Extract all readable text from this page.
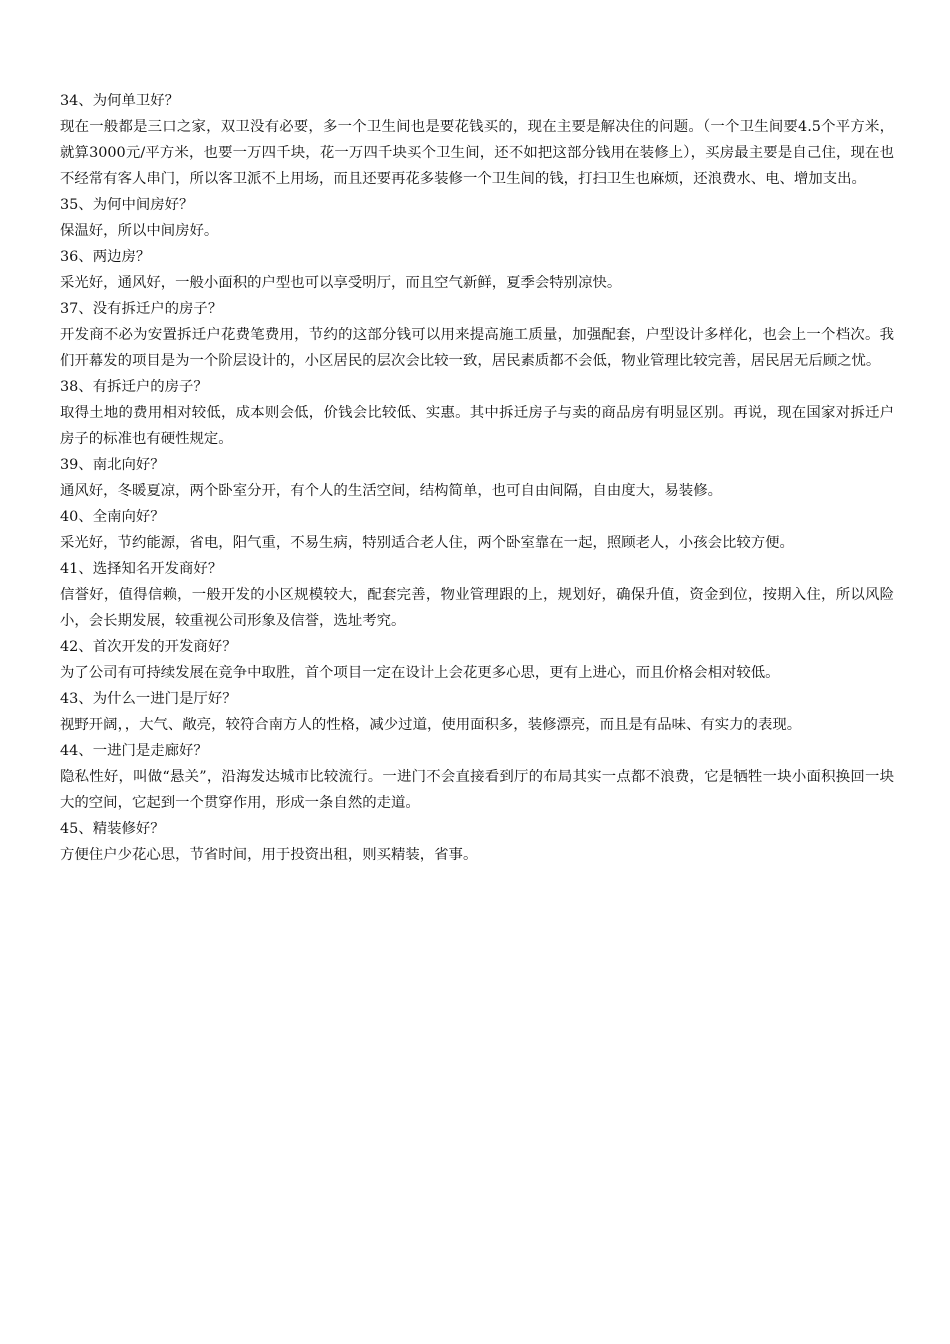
34、为何单卫好？

现在一般都是三口之家，双卫没有必要，多一个卫生间也是要花钱买的，现在主要是解决住的问题。（一个卫生间要4.5个平方米，就算3000元/平方米，也要一万四千块，花一万四千块买个卫生间，还不如把这部分钱用在装修上），买房最主要是自己住，现在也不经常有客人串门，所以客卫派不上用场，而且还要再花多装修一个卫生间的钱，打扫卫生也麻烦，还浪费水、电、增加支出。

35、为何中间房好？

保温好，所以中间房好。

36、两边房？

采光好，通风好，一般小面积的户型也可以享受明厅，而且空气新鲜，夏季会特别凉快。

37、没有拆迁户的房子？

开发商不必为安置拆迁户花费笔费用，节约的这部分钱可以用来提高施工质量，加强配套，户型设计多样化，也会上一个档次。我们开幕发的项目是为一个阶层设计的，小区居民的层次会比较一致，居民素质都不会低，物业管理比较完善，居民居无后顾之忧。

38、有拆迁户的房子？

取得土地的费用相对较低，成本则会低，价钱会比较低、实惠。其中拆迁房子与卖的商品房有明显区别。再说，现在国家对拆迁户房子的标准也有硬性规定。

39、南北向好？

通风好，冬暖夏凉，两个卧室分开，有个人的生活空间，结构简单，也可自由间隔，自由度大，易装修。

40、全南向好？

采光好，节约能源，省电，阳气重，不易生病，特别适合老人住，两个卧室靠在一起，照顾老人，小孩会比较方便。

41、选择知名开发商好？

信誉好，值得信赖，一般开发的小区规模较大，配套完善，物业管理跟的上，规划好，确保升值，资金到位，按期入住，所以风险小，会长期发展，较重视公司形象及信誉，选址考究。

42、首次开发的开发商好？

为了公司有可持续发展在竞争中取胜，首个项目一定在设计上会花更多心思，更有上进心，而且价格会相对较低。

43、为什么一进门是厅好？

视野开阔，，大气、敞亮，较符合南方人的性格，减少过道，使用面积多，装修漂亮，而且是有品味、有实力的表现。

44、一进门是走廊好？

隐私性好，叫做“悬关”，沿海发达城市比较流行。一进门不会直接看到厅的布局其实一点都不浪费，它是牺牲一块小面积换回一块大的空间，它起到一个贯穿作用，形成一条自然的走道。

45、精装修好？

方便住户少花心思，节省时间，用于投资出租，则买精装，省事。
